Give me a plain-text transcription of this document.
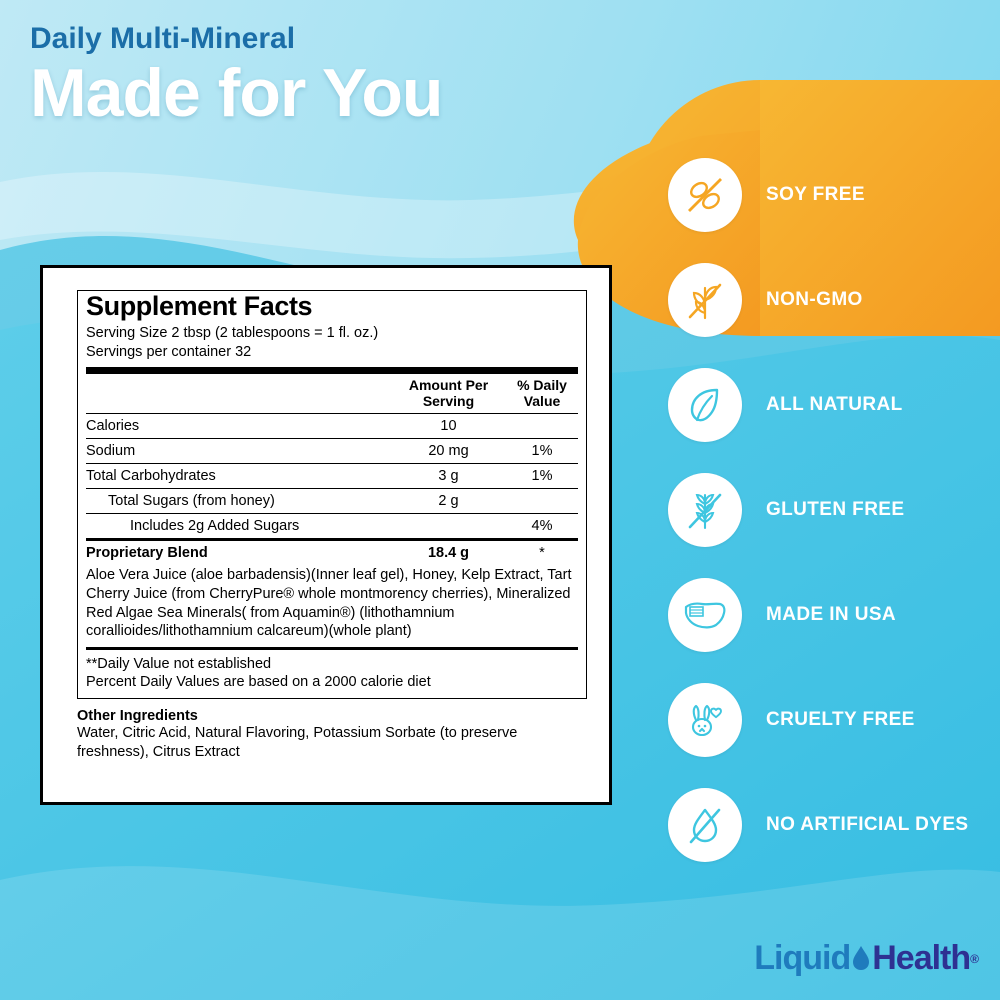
Daily Multi-Mineral
Made for You
Supplement Facts
Serving Size 2 tbsp (2 tablespoons = 1 fl. oz.)
Servings per container 32

Amount Per
Serving

% Daily
Value

Calories	10	
Sodium	20 mg	1%
Total Carbohydrates	3 g	1%
Total Sugars (from honey)	2 g	
Includes 2g Added Sugars		4%
Proprietary Blend	18.4 g	*
Aloe Vera Juice (aloe barbadensis)(Inner leaf gel), Honey, Kelp Extract, Tart Cherry Juice (from CherryPure® whole montmorency cherries), Mineralized Red Algae Sea Minerals( from Aquamin®) (lithothamnium corallioides/lithothamnium calcareum)(whole plant)
**Daily Value not established
Percent Daily Values are based on a 2000 calorie diet
Other Ingredients
Water, Citric Acid, Natural Flavoring, Potassium Sorbate (to preserve freshness), Citrus Extract
SOY FREE
NON-GMO
ALL NATURAL
GLUTEN FREE
MADE IN USA
CRUELTY FREE
NO ARTIFICIAL DYES
Liquid Health ®
